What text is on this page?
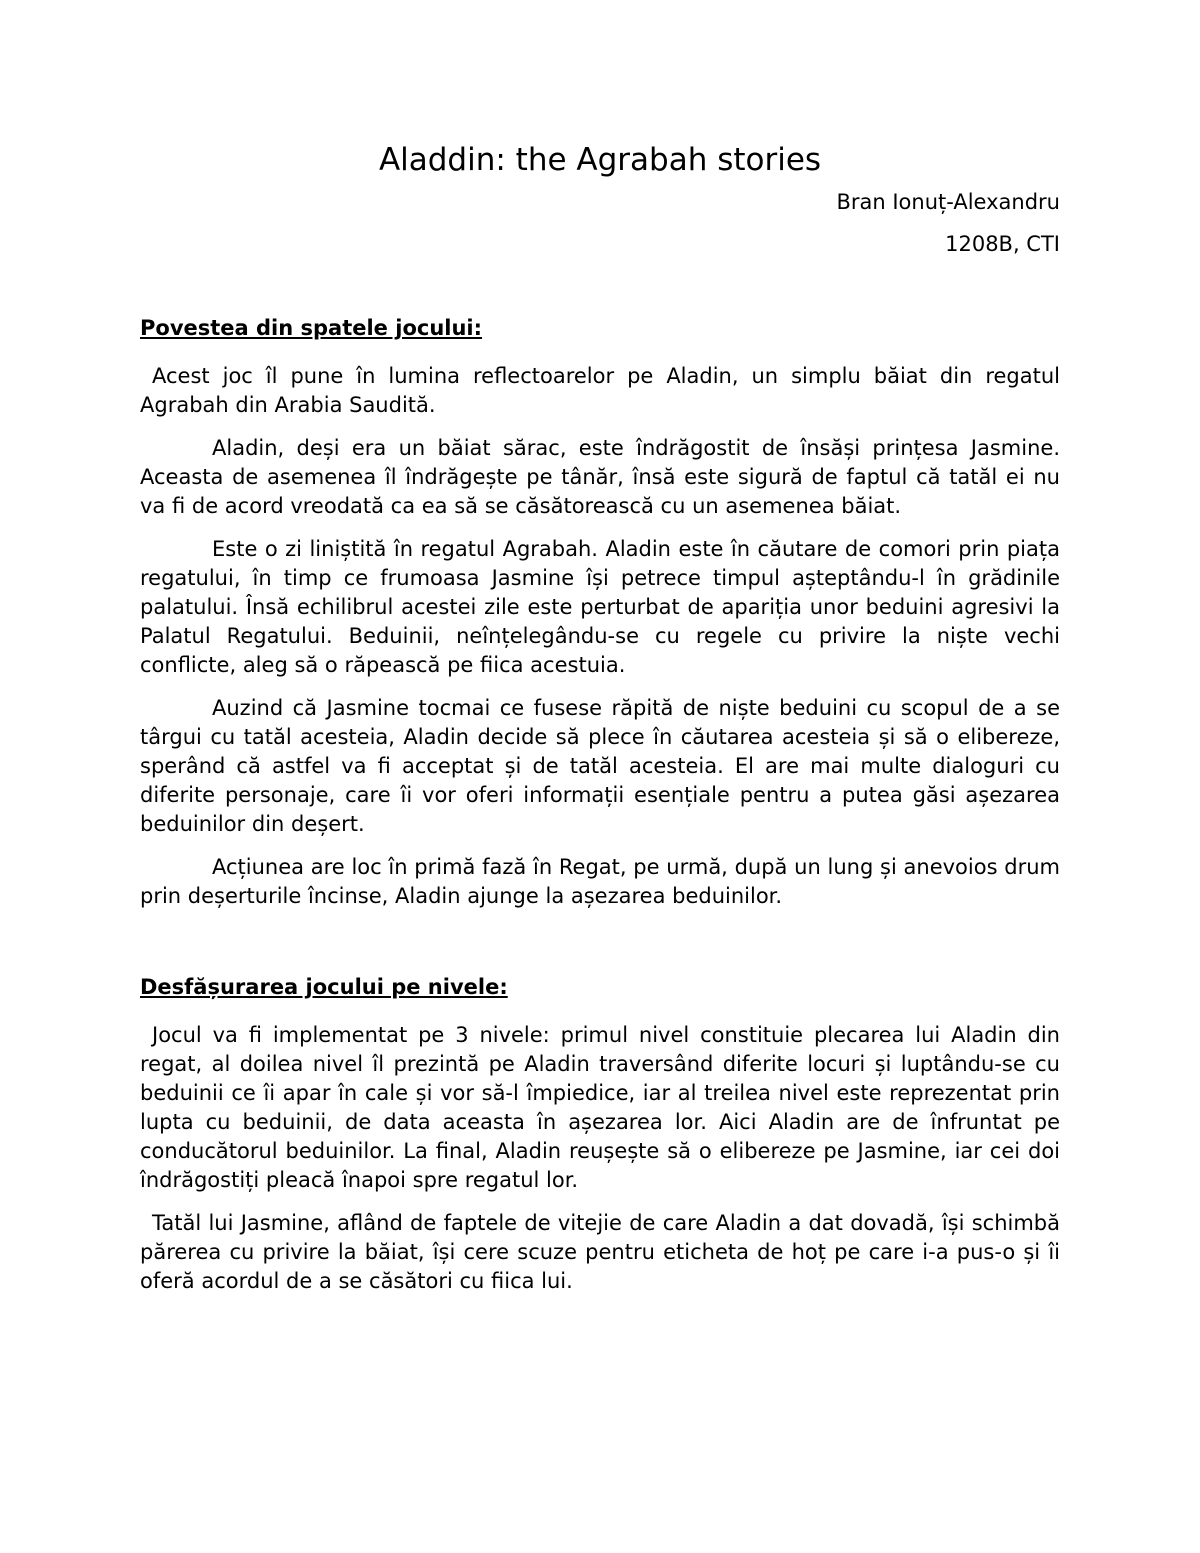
Aladdin: the Agrabah stories

Bran Ionuț-Alexandru

1208B, CTI

Povestea din spatele jocului:

Acest joc îl pune în lumina reflectoarelor pe Aladin, un simplu băiat din regatul Agrabah din Arabia Saudită.

Aladin, deși era un băiat sărac, este îndrăgostit de însăși prințesa Jasmine. Aceasta de asemenea îl îndrăgește pe tânăr, însă este sigură de faptul că tatăl ei nu va fi de acord vreodată ca ea să se căsătorească cu un asemenea băiat.

Este o zi liniștită în regatul Agrabah. Aladin este în căutare de comori prin piața regatului, în timp ce frumoasa Jasmine își petrece timpul așteptându-l în grădinile palatului. Însă echilibrul acestei zile este perturbat de apariția unor beduini agresivi la Palatul Regatului. Beduinii, neînțelegându-se cu regele cu privire la niște vechi conflicte, aleg să o răpească pe fiica acestuia.

Auzind că Jasmine tocmai ce fusese răpită de niște beduini cu scopul de a se târgui cu tatăl acesteia, Aladin decide să plece în căutarea acesteia și să o elibereze, sperând că astfel va fi acceptat și de tatăl acesteia. El are mai multe dialoguri cu diferite personaje, care îi vor oferi informații esențiale pentru a putea găsi așezarea beduinilor din deșert.

Acțiunea are loc în primă fază în Regat, pe urmă, după un lung și anevoios drum prin deșerturile încinse, Aladin ajunge la așezarea beduinilor.

Desfășurarea jocului pe nivele:

Jocul va fi implementat pe 3 nivele: primul nivel constituie plecarea lui Aladin din regat, al doilea nivel îl prezintă pe Aladin traversând diferite locuri și luptându-se cu beduinii ce îi apar în cale și vor să-l împiedice, iar al treilea nivel este reprezentat prin lupta cu beduinii, de data aceasta în așezarea lor. Aici Aladin are de înfruntat pe conducătorul beduinilor. La final, Aladin reușește să o elibereze pe Jasmine, iar cei doi îndrăgostiți pleacă înapoi spre regatul lor.

Tatăl lui Jasmine, aflând de faptele de vitejie de care Aladin a dat dovadă, își schimbă părerea cu privire la băiat, își cere scuze pentru eticheta de hoț pe care i-a pus-o și îi oferă acordul de a se căsători cu fiica lui.
